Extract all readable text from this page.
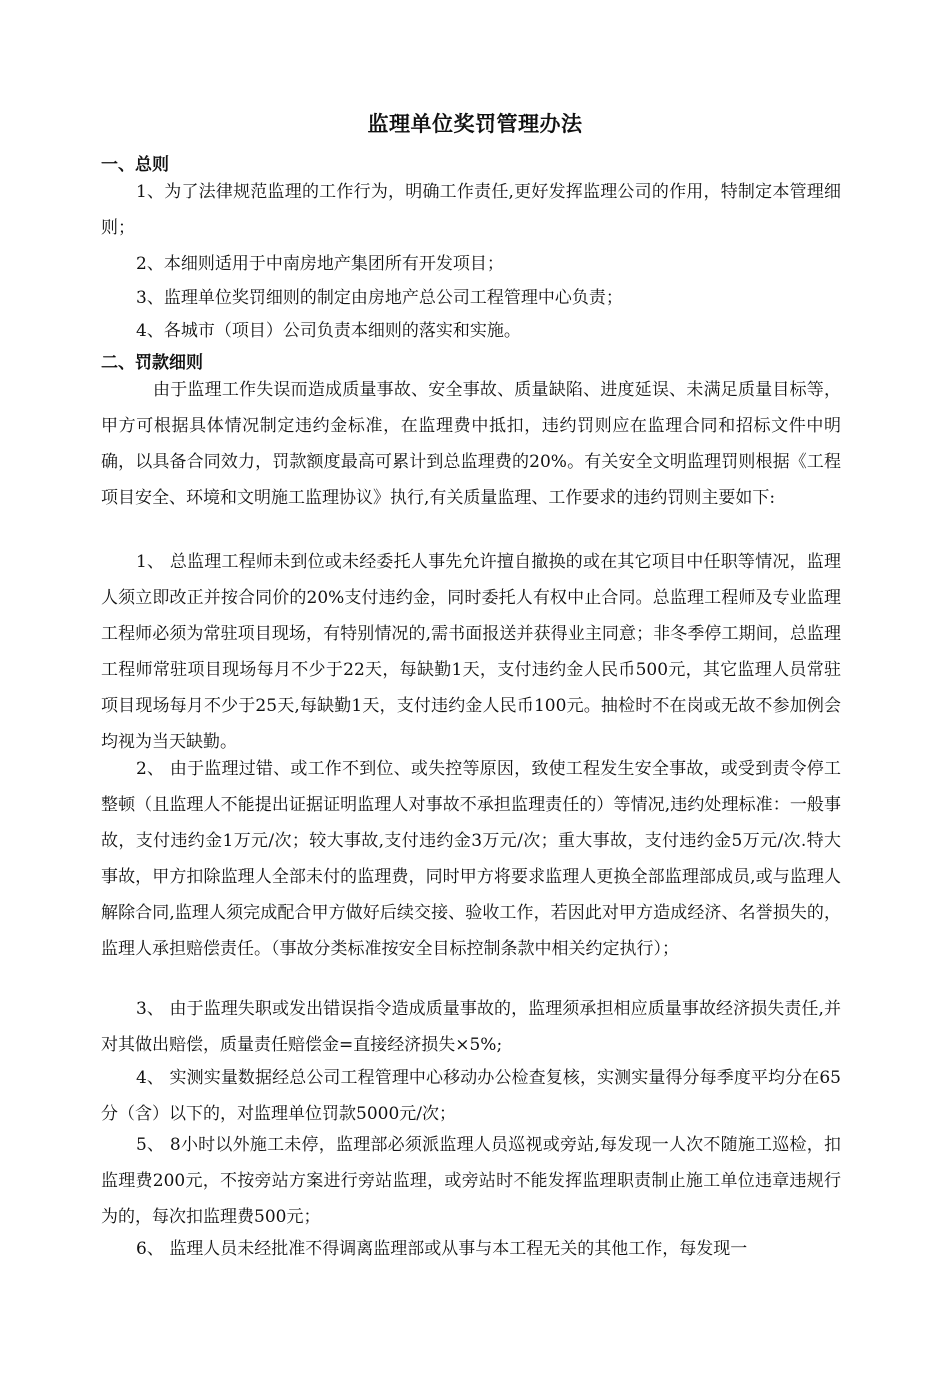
监理单位奖罚管理办法
一、总则

1、为了法律规范监理的工作行为，明确工作责任,更好发挥监理公司的作用，特制定本管理细则；

2、本细则适用于中南房地产集团所有开发项目；

3、监理单位奖罚细则的制定由房地产总公司工程管理中心负责；

4、各城市（项目）公司负责本细则的落实和实施。

二、罚款细则

由于监理工作失误而造成质量事故、安全事故、质量缺陷、进度延误、未满足质量目标等，甲方可根据具体情况制定违约金标准，在监理费中抵扣，违约罚则应在监理合同和招标文件中明确，以具备合同效力，罚款额度最高可累计到总监理费的20%。有关安全文明监理罚则根据《工程项目安全、环境和文明施工监理协议》执行,有关质量监理、工作要求的违约罚则主要如下:

1、 总监理工程师未到位或未经委托人事先允许擅自撤换的或在其它项目中任职等情况，监理人须立即改正并按合同价的20%支付违约金，同时委托人有权中止合同。总监理工程师及专业监理工程师必须为常驻项目现场，有特别情况的,需书面报送并获得业主同意；非冬季停工期间，总监理工程师常驻项目现场每月不少于22天，每缺勤1天，支付违约金人民币500元，其它监理人员常驻项目现场每月不少于25天,每缺勤1天，支付违约金人民币100元。抽检时不在岗或无故不参加例会均视为当天缺勤。

2、 由于监理过错、或工作不到位、或失控等原因，致使工程发生安全事故，或受到责令停工整顿（且监理人不能提出证据证明监理人对事故不承担监理责任的）等情况,违约处理标准：一般事故，支付违约金1万元/次；较大事故,支付违约金3万元/次；重大事故，支付违约金5万元/次.特大事故，甲方扣除监理人全部未付的监理费，同时甲方将要求监理人更换全部监理部成员,或与监理人解除合同,监理人须完成配合甲方做好后续交接、验收工作，若因此对甲方造成经济、名誉损失的，监理人承担赔偿责任。（事故分类标准按安全目标控制条款中相关约定执行）；

3、 由于监理失职或发出错误指令造成质量事故的，监理须承担相应质量事故经济损失责任,并对其做出赔偿，质量责任赔偿金=直接经济损失×5%;

4、 实测实量数据经总公司工程管理中心移动办公检查复核，实测实量得分每季度平均分在65分（含）以下的，对监理单位罚款5000元/次；

5、 8小时以外施工未停，监理部必须派监理人员巡视或旁站,每发现一人次不随施工巡检，扣监理费200元，不按旁站方案进行旁站监理，或旁站时不能发挥监理职责制止施工单位违章违规行为的，每次扣监理费500元；

6、 监理人员未经批准不得调离监理部或从事与本工程无关的其他工作，每发现一
